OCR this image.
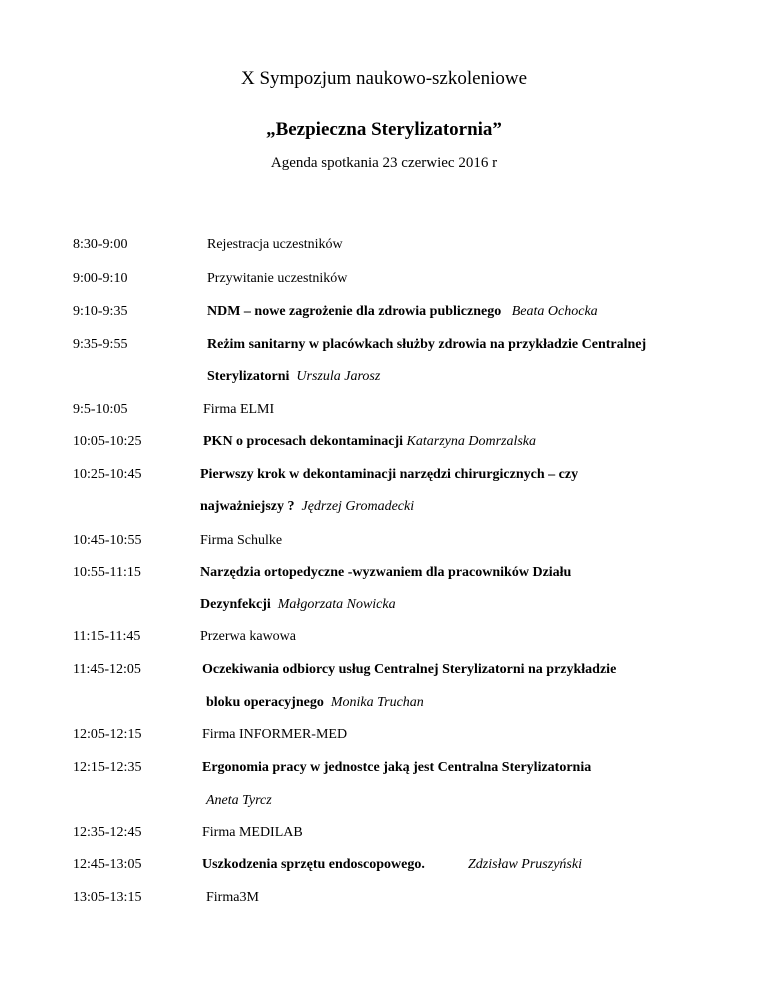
X Sympozjum naukowo-szkoleniowe
„Bezpieczna Sterylizatornia”
Agenda spotkania 23 czerwiec 2016 r
8:30-9:00	Rejestracja uczestników
9:00-9:10	Przywitanie uczestników
9:10-9:35	NDM – nowe zagrożenie dla zdrowia publicznego Beata Ochocka
9:35-9:55	Reżim sanitarny w placówkach służby zdrowia na przykładzie Centralnej
Sterylizatorni Urszula Jarosz
9:5-10:05	Firma ELMI
10:05-10:25	PKN o procesach dekontaminacji Katarzyna Domrzalska
10:25-10:45	Pierwszy krok w dekontaminacji narzędzi chirurgicznych – czy
najważniejszy ? Jędrzej Gromadecki
10:45-10:55	Firma Schulke
10:55-11:15	Narzędzia ortopedyczne -wyzwaniem dla pracowników Działu
Dezynfekcji Małgorzata Nowicka
11:15-11:45	Przerwa kawowa
11:45-12:05	Oczekiwania odbiorcy usług Centralnej Sterylizatorni na przykładzie
bloku operacyjnego Monika Truchan
12:05-12:15	Firma INFORMER-MED
12:15-12:35	Ergonomia pracy w jednostce jaką jest Centralna Sterylizatornia
Aneta Tyrcz
12:35-12:45	Firma MEDILAB
12:45-13:05	Uszkodzenia sprzętu endoscopowego.	Zdzisław Pruszyński
13:05-13:15	Firma3M
